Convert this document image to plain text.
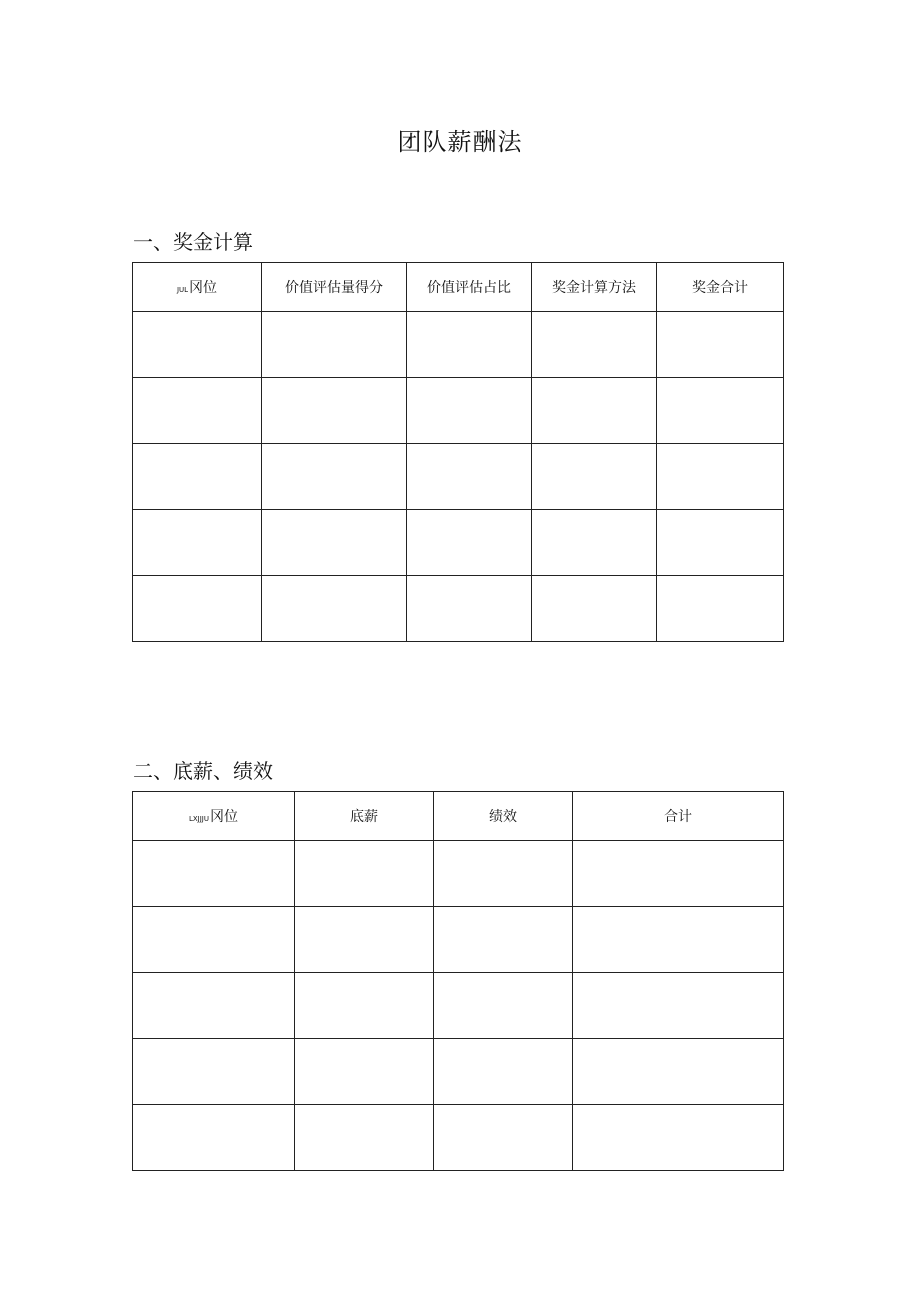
团队薪酬法
一、奖金计算
JUL冈位	价值评估量得分	价值评估占比	奖金计算方法	奖金合计

二、底薪、绩效
LXJJJU冈位	底薪	绩效	合计
